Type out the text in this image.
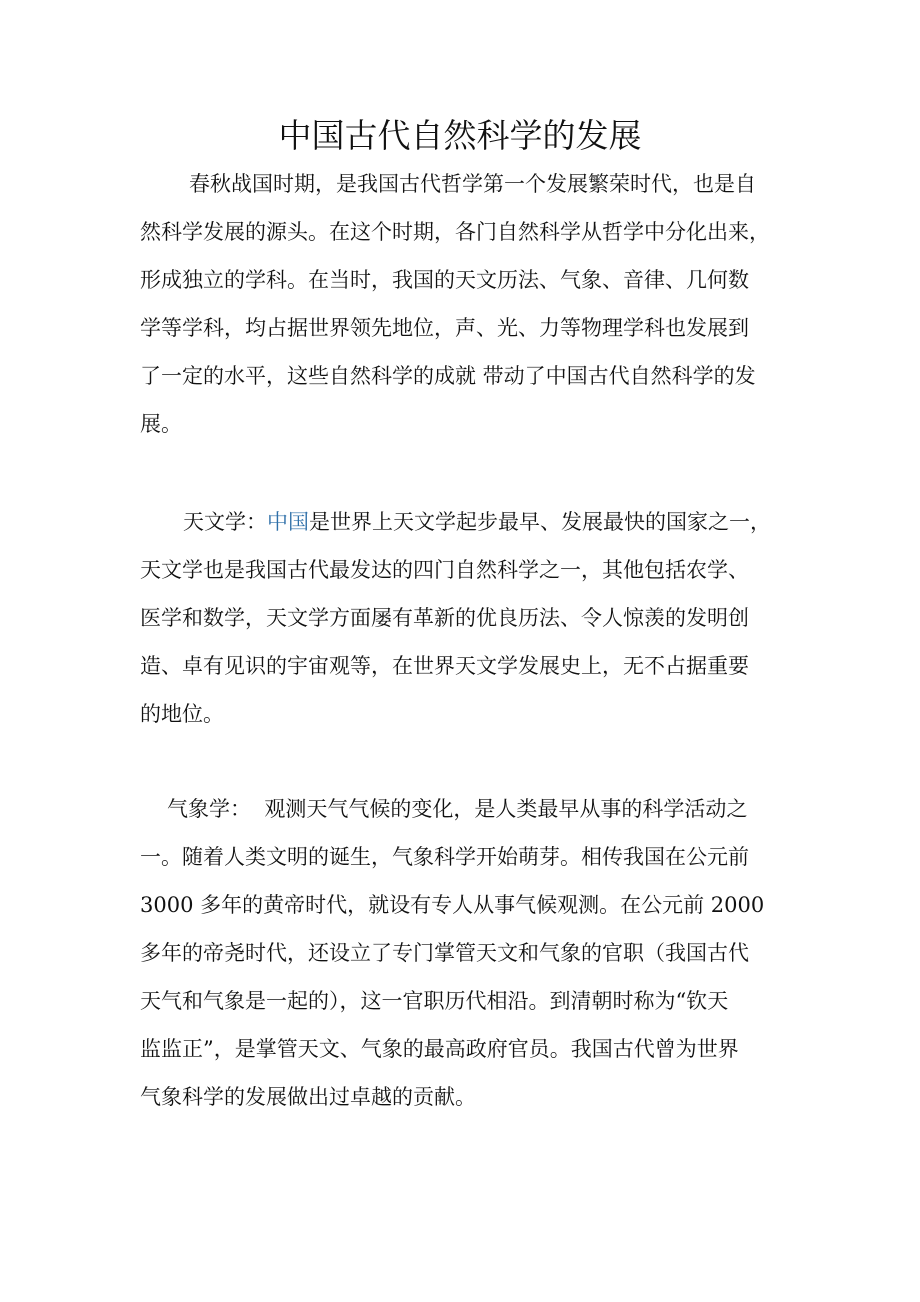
中国古代自然科学的发展
春秋战国时期，是我国古代哲学第一个发展繁荣时代，也是自
然科学发展的源头。在这个时期，各门自然科学从哲学中分化出来，
形成独立的学科。在当时，我国的天文历法、气象、音律、几何数
学等学科，均占据世界领先地位，声、光、力等物理学科也发展到
了一定的水平，这些自然科学的成就 带动了中国古代自然科学的发
展。
天文学：中国是世界上天文学起步最早、发展最快的国家之一，
天文学也是我国古代最发达的四门自然科学之一，其他包括农学、
医学和数学，天文学方面屡有革新的优良历法、令人惊羡的发明创
造、卓有见识的宇宙观等，在世界天文学发展史上，无不占据重要
的地位。
气象学：  观测天气气候的变化，是人类最早从事的科学活动之
一。随着人类文明的诞生，气象科学开始萌芽。相传我国在公元前
3000 多年的黄帝时代，就设有专人从事气候观测。在公元前 2000
多年的帝尧时代，还设立了专门掌管天文和气象的官职（我国古代
天气和气象是一起的），这一官职历代相沿。到清朝时称为“钦天
监监正”，是掌管天文、气象的最高政府官员。我国古代曾为世界
气象科学的发展做出过卓越的贡献。
